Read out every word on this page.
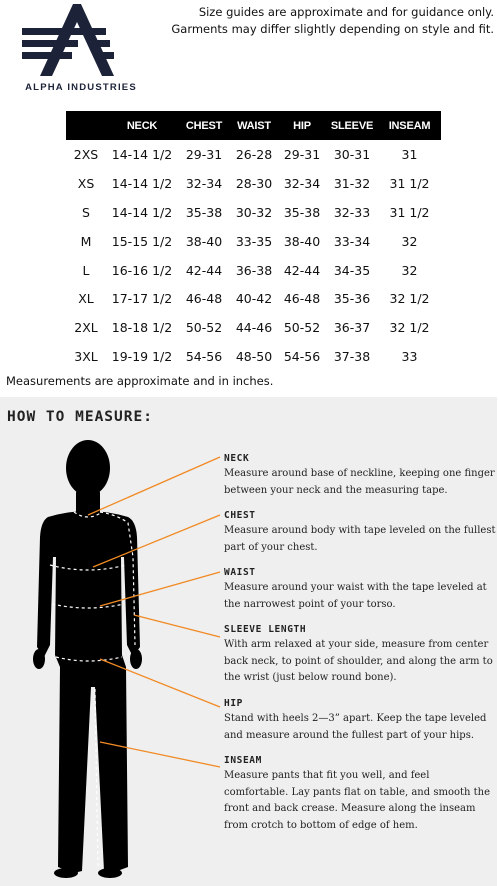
ALPHA INDUSTRIES
Size guides are approximate and for guidance only.
Garments may differ slightly depending on style and fit.
	NECK	CHEST	WAIST	HIP	SLEEVE	INSEAM
2XS	14-14 1/2	29-31	26-28	29-31	30-31	31
XS	14-14 1/2	32-34	28-30	32-34	31-32	31 1/2
S	14-14 1/2	35-38	30-32	35-38	32-33	31 1/2
M	15-15 1/2	38-40	33-35	38-40	33-34	32
L	16-16 1/2	42-44	36-38	42-44	34-35	32
XL	17-17 1/2	46-48	40-42	46-48	35-36	32 1/2
2XL	18-18 1/2	50-52	44-46	50-52	36-37	32 1/2
3XL	19-19 1/2	54-56	48-50	54-56	37-38	33
Measurements are approximate and in inches.
HOW TO MEASURE:
NECK
Measure around base of neckline, keeping one finger between your neck and the measuring tape.
CHEST
Measure around body with tape leveled on the fullest part of your chest.
WAIST
Measure around your waist with the tape leveled at the narrowest point of your torso.
SLEEVE LENGTH
With arm relaxed at your side, measure from center back neck, to point of shoulder, and along the arm to the wrist (just below round bone).
HIP
Stand with heels 2—3” apart. Keep the tape leveled and measure around the fullest part of your hips.
INSEAM
Measure pants that fit you well, and feel comfortable. Lay pants flat on table, and smooth the front and back crease. Measure along the inseam from crotch to bottom of edge of hem.
